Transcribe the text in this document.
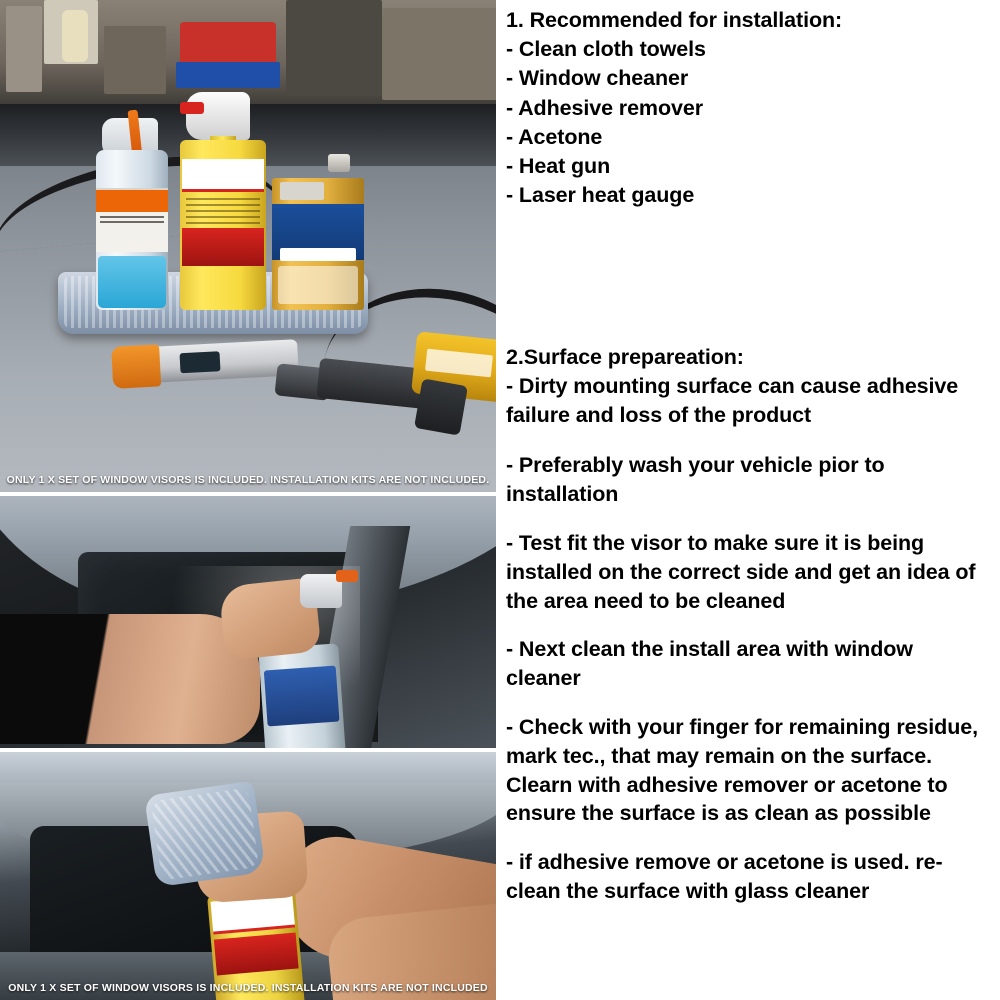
ONLY 1 X SET OF WINDOW VISORS IS INCLUDED. INSTALLATION KITS ARE NOT INCLUDED.
ONLY 1 X SET OF WINDOW VISORS IS INCLUDED. INSTALLATION KITS ARE NOT INCLUDED
1. Recommended for installation:
- Clean cloth towels
- Window cheaner
- Adhesive remover
- Acetone
- Heat gun
- Laser heat gauge
2.Surface prepareation:
- Dirty mounting surface can cause adhesive failure and loss of the product
- Preferably wash your vehicle pior to installation
- Test fit the visor to make sure it is being installed on the correct side and get an idea of the area need to be cleaned
- Next clean the install area with window cleaner
- Check with your finger for remaining residue, mark tec., that may remain on the surface. Clearn with adhesive remover or acetone to ensure the surface is as clean as possible
- if adhesive remove or acetone is used. re-clean the surface with glass cleaner
